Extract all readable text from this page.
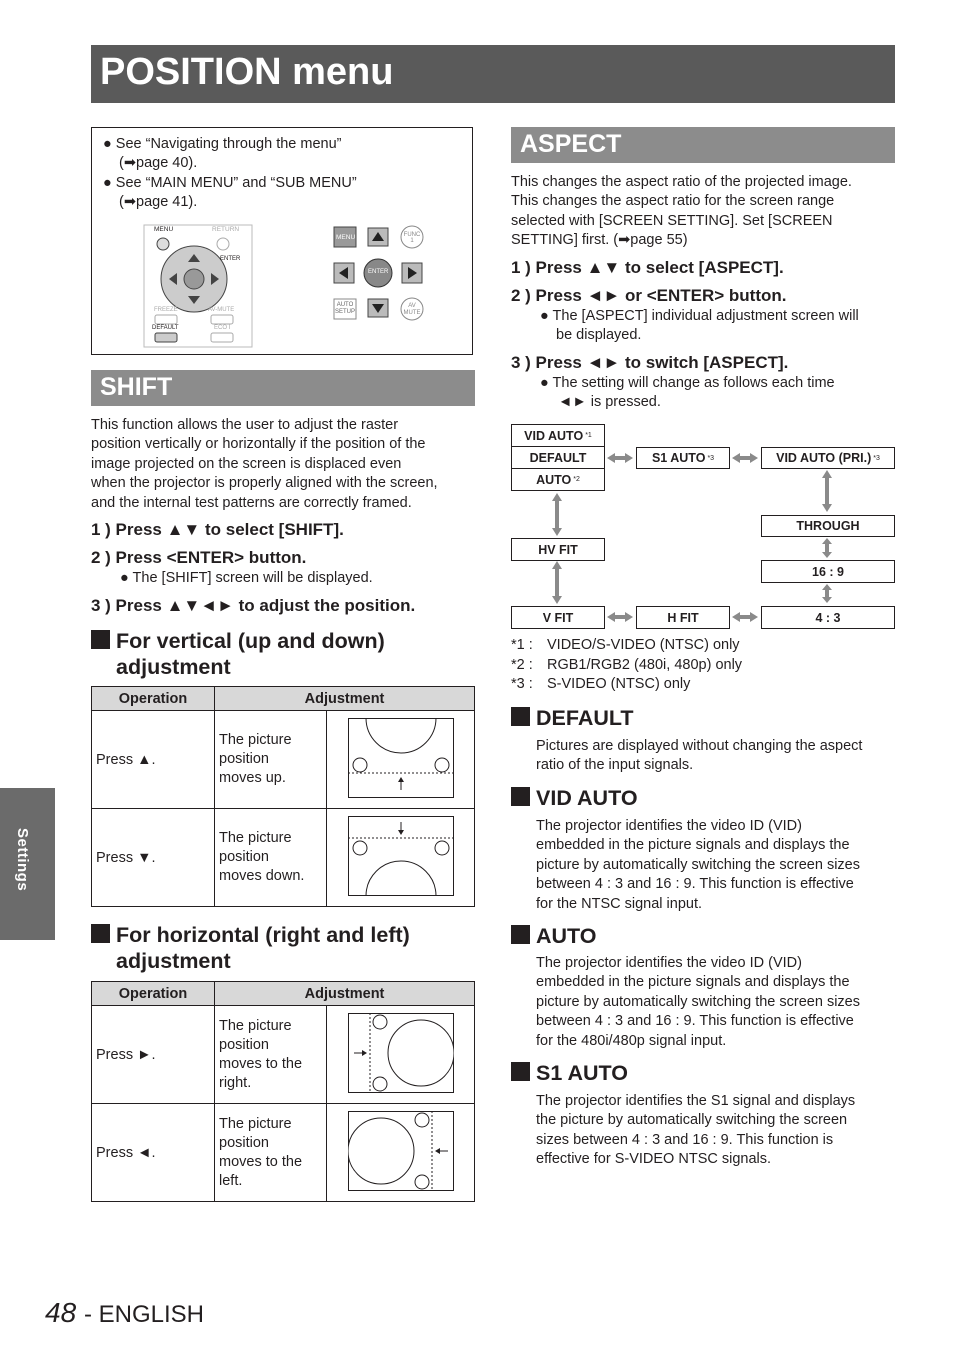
POSITION menu
Settings
● See “Navigating through the menu”
(➡page 40).
● See “MAIN MENU” and “SUB MENU”
(➡page 41).
MENU	RETURN
ENTER
FREEZE	AV-MUTE
DEFAULT	ECO I
MENU	FUNC 1
ENTER
AUTO SETUP
AV MUTE
SHIFT
This function allows the user to adjust the raster
position vertically or horizontally if the position of the
image projected on the screen is displaced even
when the projector is properly aligned with the screen,
and the internal test patterns are correctly framed.
1 ) Press ▲▼ to select [SHIFT].
2 ) Press <ENTER> button.
● The [SHIFT] screen will be displayed.
3 ) Press ▲▼◄► to adjust the position.
For vertical (up and down)
adjustment
Operation	Adjustment	
Press ▲.	The picture
position
moves up.

Press ▼.	The picture
position
moves down.

For horizontal (right and left)
adjustment
Operation	Adjustment	
Press ►.	The picture
position
moves to the
right.

Press ◄.	The picture
position
moves to the
left.

ASPECT
This changes the aspect ratio of the projected image.
This changes the aspect ratio for the screen range
selected with [SCREEN SETTING]. Set [SCREEN
SETTING] first. (➡page 55)
1 ) Press ▲▼ to select [ASPECT].
2 ) Press ◄► or <ENTER> button.
● The [ASPECT] individual adjustment screen will
be displayed.
3 ) Press ◄► to switch [ASPECT].
● The setting will change as follows each time
◄► is pressed.
VID AUTO *1
DEFAULT
AUTO *2
S1 AUTO *3	VID AUTO (PRI.) *3
HV FIT
THROUGH
16 : 9
V FIT	H FIT	4 : 3
*1 : VIDEO/S-VIDEO (NTSC) only
*2 : RGB1/RGB2 (480i, 480p) only
*3 : S-VIDEO (NTSC) only
DEFAULT
Pictures are displayed without changing the aspect
ratio of the input signals.
VID AUTO
The projector identifies the video ID (VID)
embedded in the picture signals and displays the
picture by automatically switching the screen sizes
between 4 : 3 and 16 : 9. This function is effective
for the NTSC signal input.
AUTO
The projector identifies the video ID (VID)
embedded in the picture signals and displays the
picture by automatically switching the screen sizes
between 4 : 3 and 16 : 9. This function is effective
for the 480i/480p signal input.
S1 AUTO
The projector identifies the S1 signal and displays
the picture by automatically switching the screen
sizes between 4 : 3 and 16 : 9. This function is
effective for S-VIDEO NTSC signals.
48 - ENGLISH
